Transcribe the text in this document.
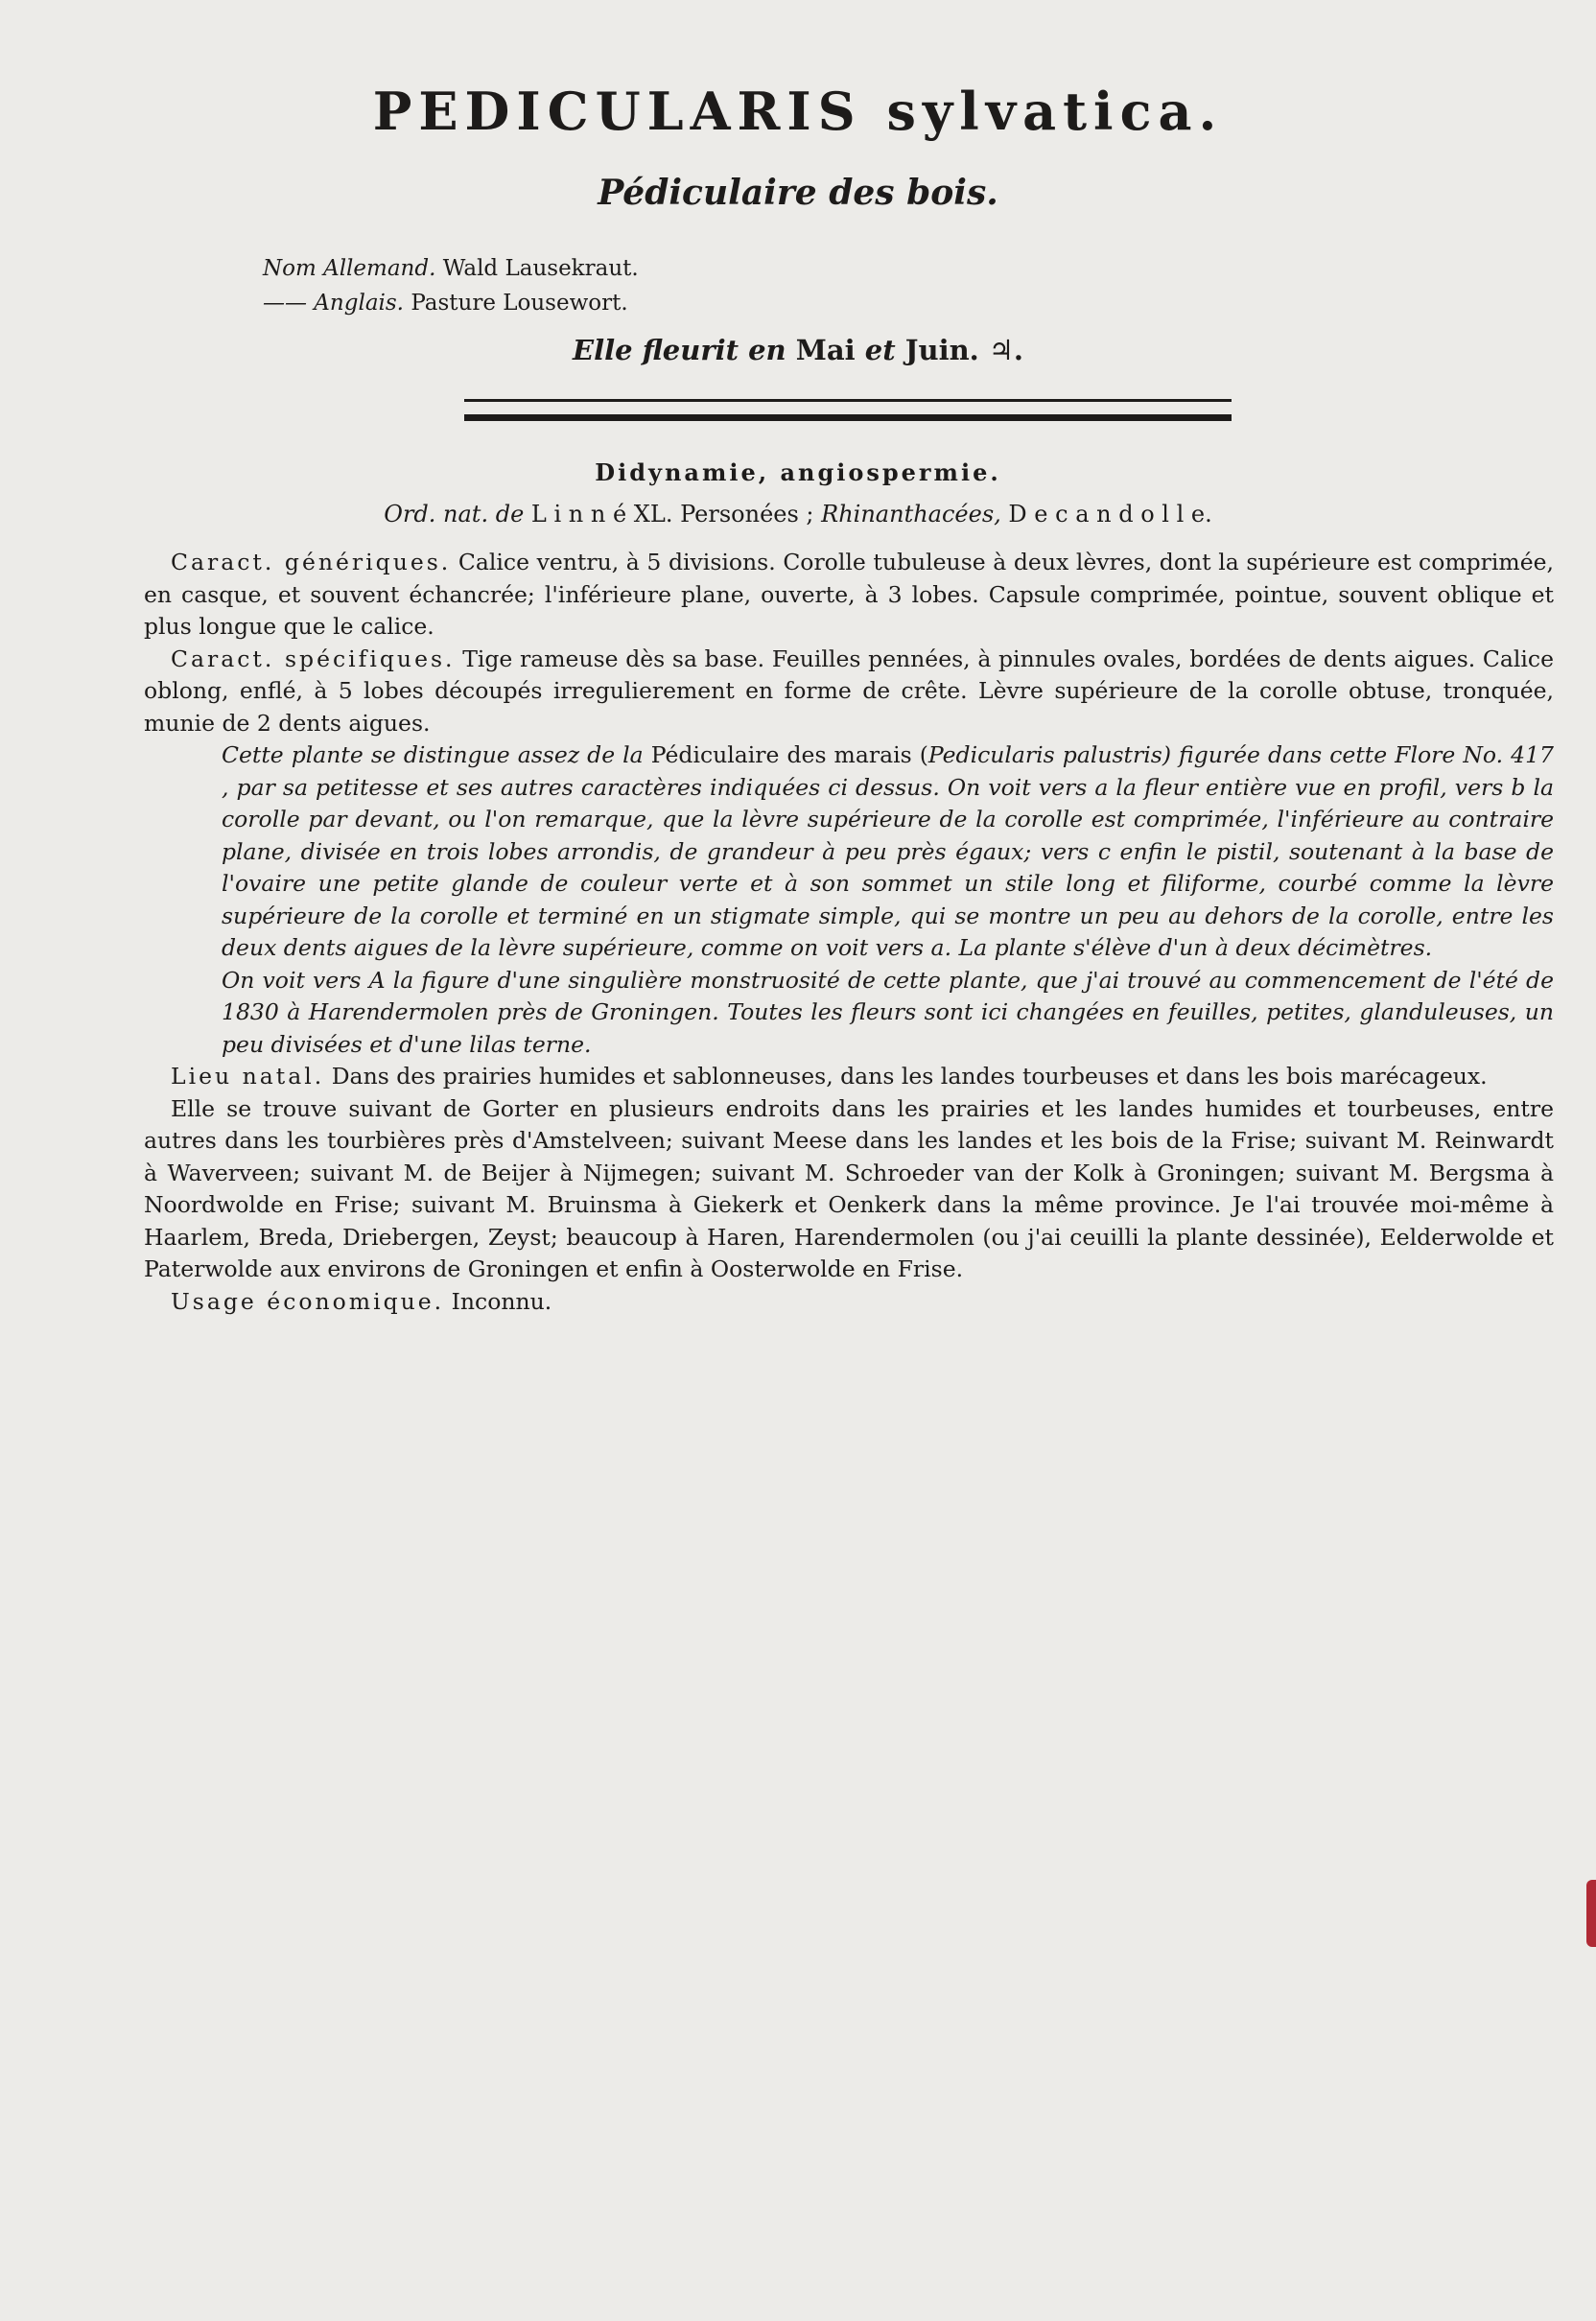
PEDICULARIS sylvatica.
Pédiculaire des bois.
Nom Allemand. Wald Lausekraut.
—— Anglais. Pasture Lousewort.
Elle fleurit en Mai et Juin. ♃.
Didynamie, angiospermie.
Ord. nat. de L i n n é XL. Personées ; Rhinanthacées, D e c a n d o l l e.

Caract. génériques. Calice ventru, à 5 divisions. Corolle tubuleuse à deux lèvres, dont la supérieure est comprimée, en casque, et souvent échancrée; l'inférieure plane, ouverte, à 3 lobes. Capsule comprimée, pointue, souvent oblique et plus longue que le calice.

Caract. spécifiques. Tige rameuse dès sa base. Feuilles pennées, à pinnules ovales, bordées de dents aigues. Calice oblong, enflé, à 5 lobes découpés irregulierement en forme de crête. Lèvre supérieure de la corolle obtuse, tronquée, munie de 2 dents aigues.

Cette plante se distingue assez de la Pédiculaire des marais (Pedicularis palustris) figurée dans cette Flore No. 417 , par sa petitesse et ses autres caractères indiquées ci dessus. On voit vers a la fleur entière vue en profil, vers b la corolle par devant, ou l'on remarque, que la lèvre supérieure de la corolle est comprimée, l'inférieure au contraire plane, divisée en trois lobes arrondis, de grandeur à peu près égaux; vers c enfin le pistil, soutenant à la base de l'ovaire une petite glande de couleur verte et à son sommet un stile long et filiforme, courbé comme la lèvre supérieure de la corolle et terminé en un stigmate simple, qui se montre un peu au dehors de la corolle, entre les deux dents aigues de la lèvre supérieure, comme on voit vers a. La plante s'élève d'un à deux décimètres.

On voit vers A la figure d'une singulière monstruosité de cette plante, que j'ai trouvé au commencement de l'été de 1830 à Harendermolen près de Groningen. Toutes les fleurs sont ici changées en feuilles, petites, glanduleuses, un peu divisées et d'une lilas terne.

Lieu natal. Dans des prairies humides et sablonneuses, dans les landes tourbeuses et dans les bois marécageux.

Elle se trouve suivant de Gorter en plusieurs endroits dans les prairies et les landes humides et tourbeuses, entre autres dans les tourbières près d'Amstelveen; suivant Meese dans les landes et les bois de la Frise; suivant M. Reinwardt à Waverveen; suivant M. de Beijer à Nijmegen; suivant M. Schroeder van der Kolk à Groningen; suivant M. Bergsma à Noordwolde en Frise; suivant M. Bruinsma à Giekerk et Oenkerk dans la même province. Je l'ai trouvée moi-même à Haarlem, Breda, Driebergen, Zeyst; beaucoup à Haren, Harendermolen (ou j'ai ceuilli la plante dessinée), Eelderwolde et Paterwolde aux environs de Groningen et enfin à Oosterwolde en Frise.

Usage économique. Inconnu.
